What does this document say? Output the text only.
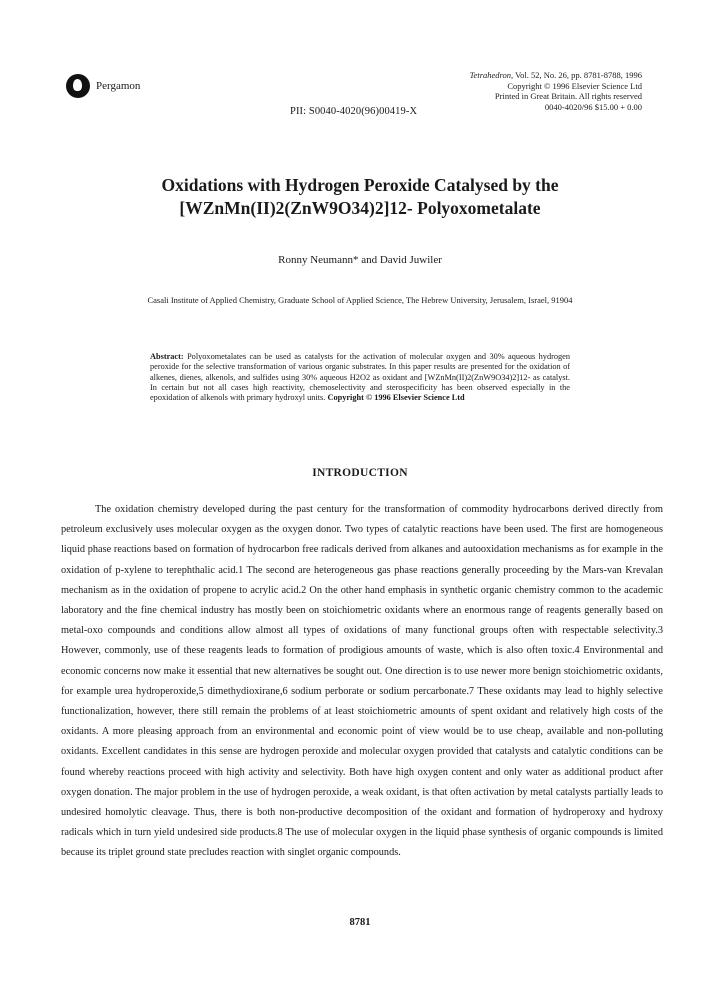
Pergamon
Tetrahedron, Vol. 52, No. 26, pp. 8781-8788, 1996
Copyright © 1996 Elsevier Science Ltd
Printed in Great Britain. All rights reserved
0040-4020/96 $15.00 + 0.00
PII: S0040-4020(96)00419-X
Oxidations with Hydrogen Peroxide Catalysed by the
[WZnMn(II)2(ZnW9O34)2]12- Polyoxometalate
Ronny Neumann* and David Juwiler
Casali Institute of Applied Chemistry, Graduate School of Applied Science, The Hebrew University, Jerusalem, Israel, 91904
Abstract: Polyoxometalates can be used as catalysts for the activation of molecular oxygen and 30% aqueous hydrogen peroxide for the selective transformation of various organic substrates. In this paper results are presented for the oxidation of alkenes, dienes, alkenols, and sulfides using 30% aqueous H2O2 as oxidant and [WZnMn(II)2(ZnW9O34)2]12- as catalyst. In certain but not all cases high reactivity, chemoselectivity and sterospecificity has been observed especially in the epoxidation of alkenols with primary hydroxyl units. Copyright © 1996 Elsevier Science Ltd
INTRODUCTION

The oxidation chemistry developed during the past century for the transformation of commodity hydrocarbons derived directly from petroleum exclusively uses molecular oxygen as the oxygen donor. Two types of catalytic reactions have been used. The first are homogeneous liquid phase reactions based on formation of hydrocarbon free radicals derived from alkanes and autooxidation mechanisms as for example in the oxidation of p-xylene to terephthalic acid.1 The second are heterogeneous gas phase reactions generally proceeding by the Mars-van Krevalan mechanism as in the oxidation of propene to acrylic acid.2 On the other hand emphasis in synthetic organic chemistry common to the academic laboratory and the fine chemical industry has mostly been on stoichiometric oxidants where an enormous range of reagents generally based on metal-oxo compounds and conditions allow almost all types of oxidations of many functional groups often with respectable selectivity.3 However, commonly, use of these reagents leads to formation of prodigious amounts of waste, which is also often toxic.4 Environmental and economic concerns now make it essential that new alternatives be sought out. One direction is to use newer more benign stoichiometric oxidants, for example urea hydroperoxide,5 dimethydioxirane,6 sodium perborate or sodium percarbonate.7 These oxidants may lead to highly selective functionalization, however, there still remain the problems of at least stoichiometric amounts of spent oxidant and relatively high costs of the oxidants. A more pleasing approach from an environmental and economic point of view would be to use cheap, available and non-polluting oxidants. Excellent candidates in this sense are hydrogen peroxide and molecular oxygen provided that catalysts and catalytic conditions can be found whereby reactions proceed with high activity and selectivity. Both have high oxygen content and only water as additional product after oxygen donation. The major problem in the use of hydrogen peroxide, a weak oxidant, is that often activation by metal catalysts partially leads to undesired homolytic cleavage. Thus, there is both non-productive decomposition of the oxidant and formation of hydroperoxy and hydroxy radicals which in turn yield undesired side products.8 The use of molecular oxygen in the liquid phase synthesis of organic compounds is limited because its triplet ground state precludes reaction with singlet organic compounds.

8781
